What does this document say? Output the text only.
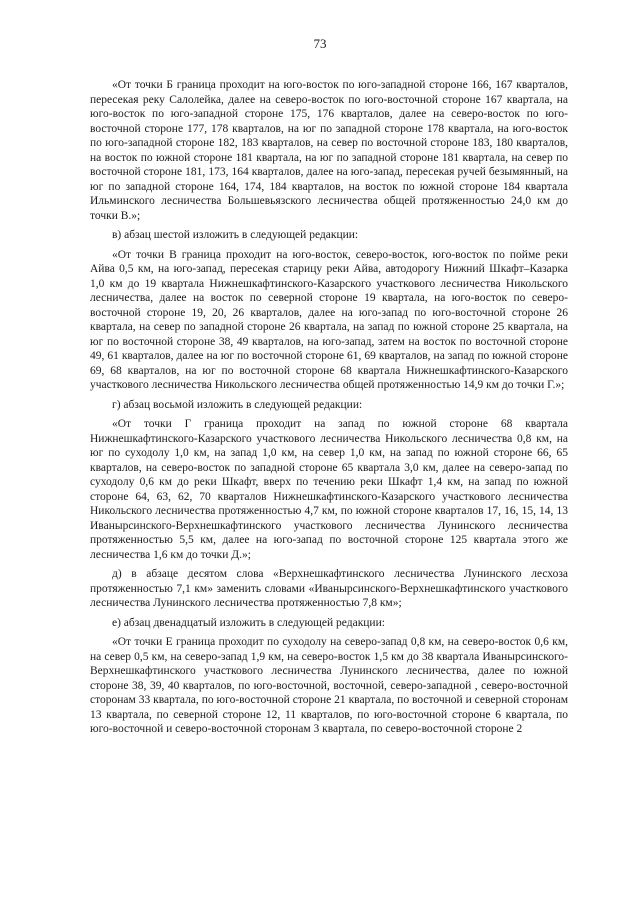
73

«От точки Б граница проходит на юго-восток по юго-западной стороне 166, 167 кварталов, пересекая реку Салолейка, далее на северо-восток по юго-восточной стороне 167 квартала, на юго-восток по юго-западной стороне 175, 176 кварталов, далее на северо-восток по юго-восточной стороне 177, 178 кварталов, на юг по западной стороне 178 квартала, на юго-восток по юго-западной стороне 182, 183 кварталов, на север по восточной стороне 183, 180 кварталов, на восток по южной стороне 181 квартала, на юг по западной стороне 181 квартала, на север по восточной стороне 181, 173, 164 кварталов, далее на юго-запад, пересекая ручей безымянный, на юг по западной стороне 164, 174, 184 кварталов, на восток по южной стороне 184 квартала Ильминского лесничества Большевьязского лесничества общей протяженностью 24,0 км до точки В.»;

в) абзац шестой изложить в следующей редакции:

«От точки В граница проходит на юго-восток, северо-восток, юго-восток по пойме реки Айва 0,5 км, на юго-запад, пересекая старицу реки Айва, автодорогу Нижний Шкафт–Казарка 1,0 км до 19 квартала Нижнешкафтинского-Казарского участкового лесничества Никольского лесничества, далее на восток по северной стороне 19 квартала, на юго-восток по северо-восточной стороне 19, 20, 26 кварталов, далее на юго-запад по юго-восточной стороне 26 квартала, на север по западной стороне 26 квартала, на запад по южной стороне 25 квартала, на юг по восточной стороне 38, 49 кварталов, на юго-запад, затем на восток по восточной стороне 49, 61 кварталов, далее на юг по восточной стороне 61, 69 кварталов, на запад по южной стороне 69, 68 кварталов, на юг по восточной стороне 68 квартала Нижнешкафтинского-Казарского участкового лесничества Никольского лесничества общей протяженностью 14,9 км до точки Г.»;

г) абзац восьмой изложить в следующей редакции:

«От точки Г граница проходит на запад по южной стороне 68 квартала Нижнешкафтинского-Казарского участкового лесничества Никольского лесничества 0,8 км, на юг по суходолу 1,0 км, на запад 1,0 км, на север 1,0 км, на запад по южной стороне 66, 65 кварталов, на северо-восток по западной стороне 65 квартала 3,0 км, далее на северо-запад по суходолу 0,6 км до реки Шкафт, вверх по течению реки Шкафт 1,4 км, на запад по южной стороне 64, 63, 62, 70 кварталов Нижнешкафтинского-Казарского участкового лесничества Никольского лесничества протяженностью 4,7 км, по южной стороне кварталов 17, 16, 15, 14, 13 Иванырсинского-Верхнешкафтинского участкового лесничества Лунинского лесничества протяженностью 5,5 км, далее на юго-запад по восточной стороне 125 квартала этого же лесничества 1,6 км до точки Д.»;

д) в абзаце десятом слова «Верхнешкафтинского лесничества Лунинского лесхоза протяженностью 7,1 км» заменить словами «Иванырсинского-Верхнешкафтинского участкового лесничества Лунинского лесничества протяженностью 7,8 км»;

е) абзац двенадцатый изложить в следующей редакции:

«От точки Е граница проходит по суходолу на северо-запад 0,8 км, на северо-восток 0,6 км, на север 0,5 км, на северо-запад 1,9 км, на северо-восток 1,5 км до 38 квартала Иванырсинского-Верхнешкафтинского участкового лесничества Лунинского лесничества, далее по южной стороне 38, 39, 40 кварталов, по юго-восточной, восточной, северо-западной , северо-восточной сторонам 33 квартала, по юго-восточной стороне 21 квартала, по восточной и северной сторонам 13 квартала, по северной стороне 12, 11 кварталов, по юго-восточной стороне 6 квартала, по юго-восточной и северо-восточной сторонам 3 квартала, по северо-восточной стороне 2
